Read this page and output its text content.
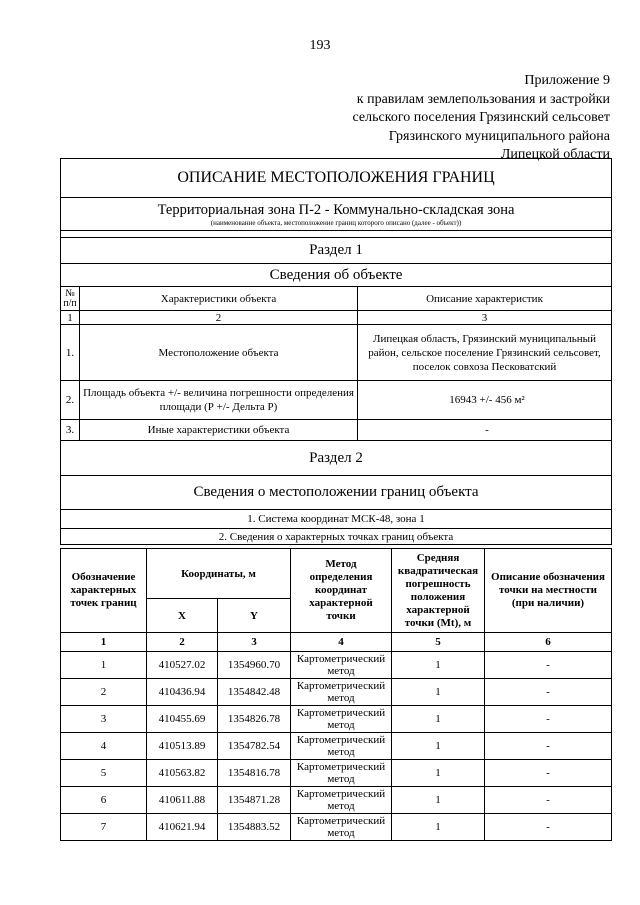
193
Приложение 9
к правилам землепользования и застройки
сельского поселения Грязинский сельсовет
Грязинского муниципального района
Липецкой области
ОПИСАНИЕ МЕСТОПОЛОЖЕНИЯ ГРАНИЦ		
Территориальная зона П-2 - Коммунально-складская зона		
(наименование объекта, местоположение границ которого описано (далее - объект))		

Раздел 1		
Сведения об объекте		
№ п/п	Характеристики объекта	Описание характеристик
1	2	3
1.	Местоположение объекта	Липецкая область, Грязинский муниципальный район, сельское поселение Грязинский сельсовет, поселок совхоза Песковатский
2.	Площадь объекта +/- величина погрешности определения площади (Р +/- Дельта Р)	16943 +/- 456 м²
3.	Иные характеристики объекта	-
Раздел 2		
Сведения о местоположении границ объекта		
1. Система координат МСК-48, зона 1		
2. Сведения о характерных точках границ объекта		
Обозначение характерных точек границ	Координаты, м		Метод определения координат характерной точки	Средняя квадратическая погрешность положения характерной точки (Mt), м	Описание обозначения точки на местности (при наличии)
	X	Y			
1	2	3	4	5	6
1	410527.02	1354960.70	Картометрический метод	1	-
2	410436.94	1354842.48	Картометрический метод	1	-
3	410455.69	1354826.78	Картометрический метод	1	-
4	410513.89	1354782.54	Картометрический метод	1	-
5	410563.82	1354816.78	Картометрический метод	1	-
6	410611.88	1354871.28	Картометрический метод	1	-
7	410621.94	1354883.52	Картометрический метод	1	-
